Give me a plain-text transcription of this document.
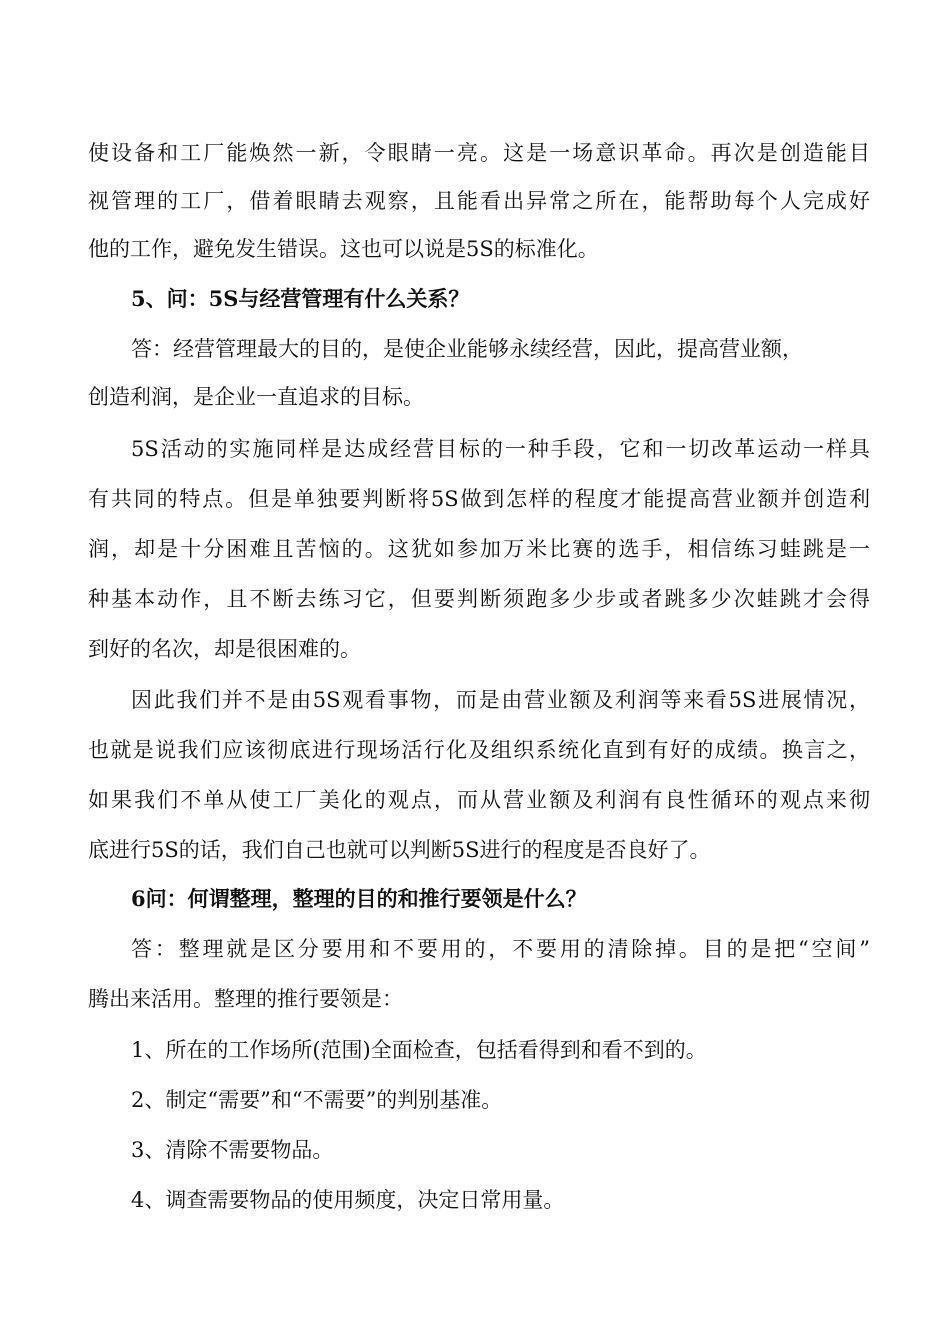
使设备和工厂能焕然一新，令眼睛一亮。这是一场意识革命。再次是创造能目
视管理的工厂，借着眼睛去观察，且能看出异常之所在，能帮助每个人完成好
他的工作，避免发生错误。这也可以说是5S的标准化。
5、问：5S与经营管理有什么关系？
答：经营管理最大的目的，是使企业能够永续经营，因此，提高营业额，
创造利润，是企业一直追求的目标。
5S活动的实施同样是达成经营目标的一种手段，它和一切改革运动一样具
有共同的特点。但是单独要判断将5S做到怎样的程度才能提高营业额并创造利
润，却是十分困难且苦恼的。这犹如参加万米比赛的选手，相信练习蛙跳是一
种基本动作，且不断去练习它，但要判断须跑多少步或者跳多少次蛙跳才会得
到好的名次，却是很困难的。
因此我们并不是由5S观看事物，而是由营业额及利润等来看5S进展情况，
也就是说我们应该彻底进行现场活行化及组织系统化直到有好的成绩。换言之，
如果我们不单从使工厂美化的观点，而从营业额及利润有良性循环的观点来彻
底进行5S的话，我们自己也就可以判断5S进行的程度是否良好了。
6问：何谓整理，整理的目的和推行要领是什么？
答：整理就是区分要用和不要用的，不要用的清除掉。目的是把“空间”
腾出来活用。整理的推行要领是：
1、所在的工作场所(范围)全面检查，包括看得到和看不到的。
2、制定“需要”和“不需要”的判别基准。
3、清除不需要物品。
4、调查需要物品的使用频度，决定日常用量。
